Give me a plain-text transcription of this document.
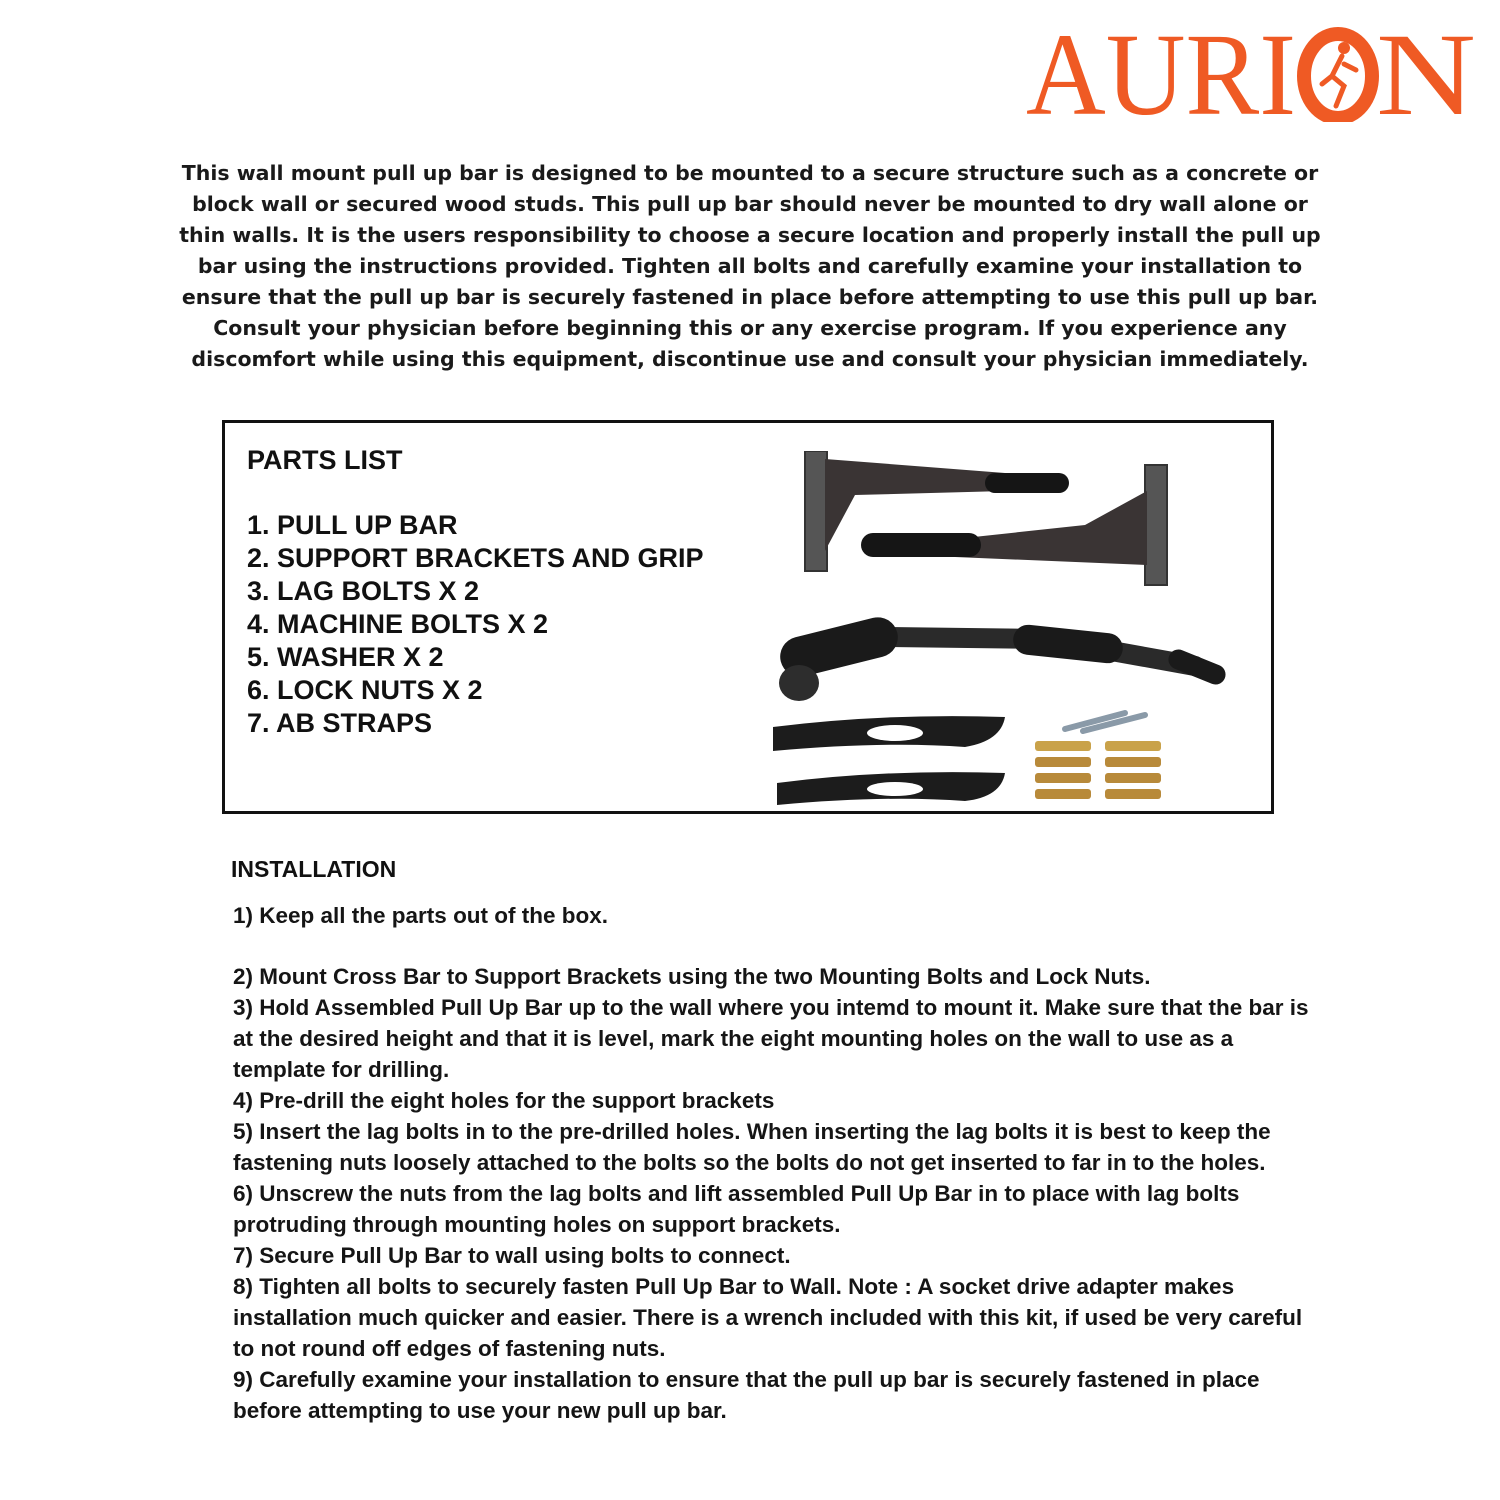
AURI N

This wall mount pull up bar is designed to be mounted to a secure structure such as a concrete or block wall or secured wood studs. This pull up bar should never be mounted to dry wall alone or thin walls. It is the users responsibility to choose a secure location and properly install the pull up bar using the instructions provided. Tighten all bolts and carefully examine your installation to ensure that the pull up bar is securely fastened in place before attempting to use this pull up bar. Consult your physician before beginning this or any exercise program. If you experience any discomfort while using this equipment, discontinue use and consult your physician immediately.

PARTS LIST
1. PULL UP BAR
2. SUPPORT BRACKETS AND GRIP
3. LAG BOLTS X 2
4. MACHINE BOLTS X 2
5. WASHER X 2
6. LOCK NUTS X 2
7. AB STRAPS
INSTALLATION

1) Keep all the parts out of the box.

2) Mount Cross Bar to Support Brackets using the two Mounting Bolts and Lock Nuts.

3) Hold Assembled Pull Up Bar up to the wall where you intemd to mount it. Make sure that the bar is at the desired height and that it is level, mark the eight mounting holes on the wall to use as a template for drilling.

4) Pre-drill the eight holes for the support brackets

5) Insert the lag bolts in to the pre-drilled holes. When inserting the lag bolts it is best to keep the fastening nuts loosely attached to the bolts so the bolts do not get inserted to far in to the holes.

6) Unscrew the nuts from the lag bolts and lift assembled Pull Up Bar in to place with lag bolts protruding through mounting holes on support brackets.

7) Secure Pull Up Bar to wall using bolts to connect.

8) Tighten all bolts to securely fasten Pull Up Bar to Wall. Note : A socket drive adapter makes installation much quicker and easier. There is a wrench included with this kit, if used be very careful to not round off edges of fastening nuts.

9) Carefully examine your installation to ensure that the pull up bar is securely fastened in place before attempting to use your new pull up bar.
